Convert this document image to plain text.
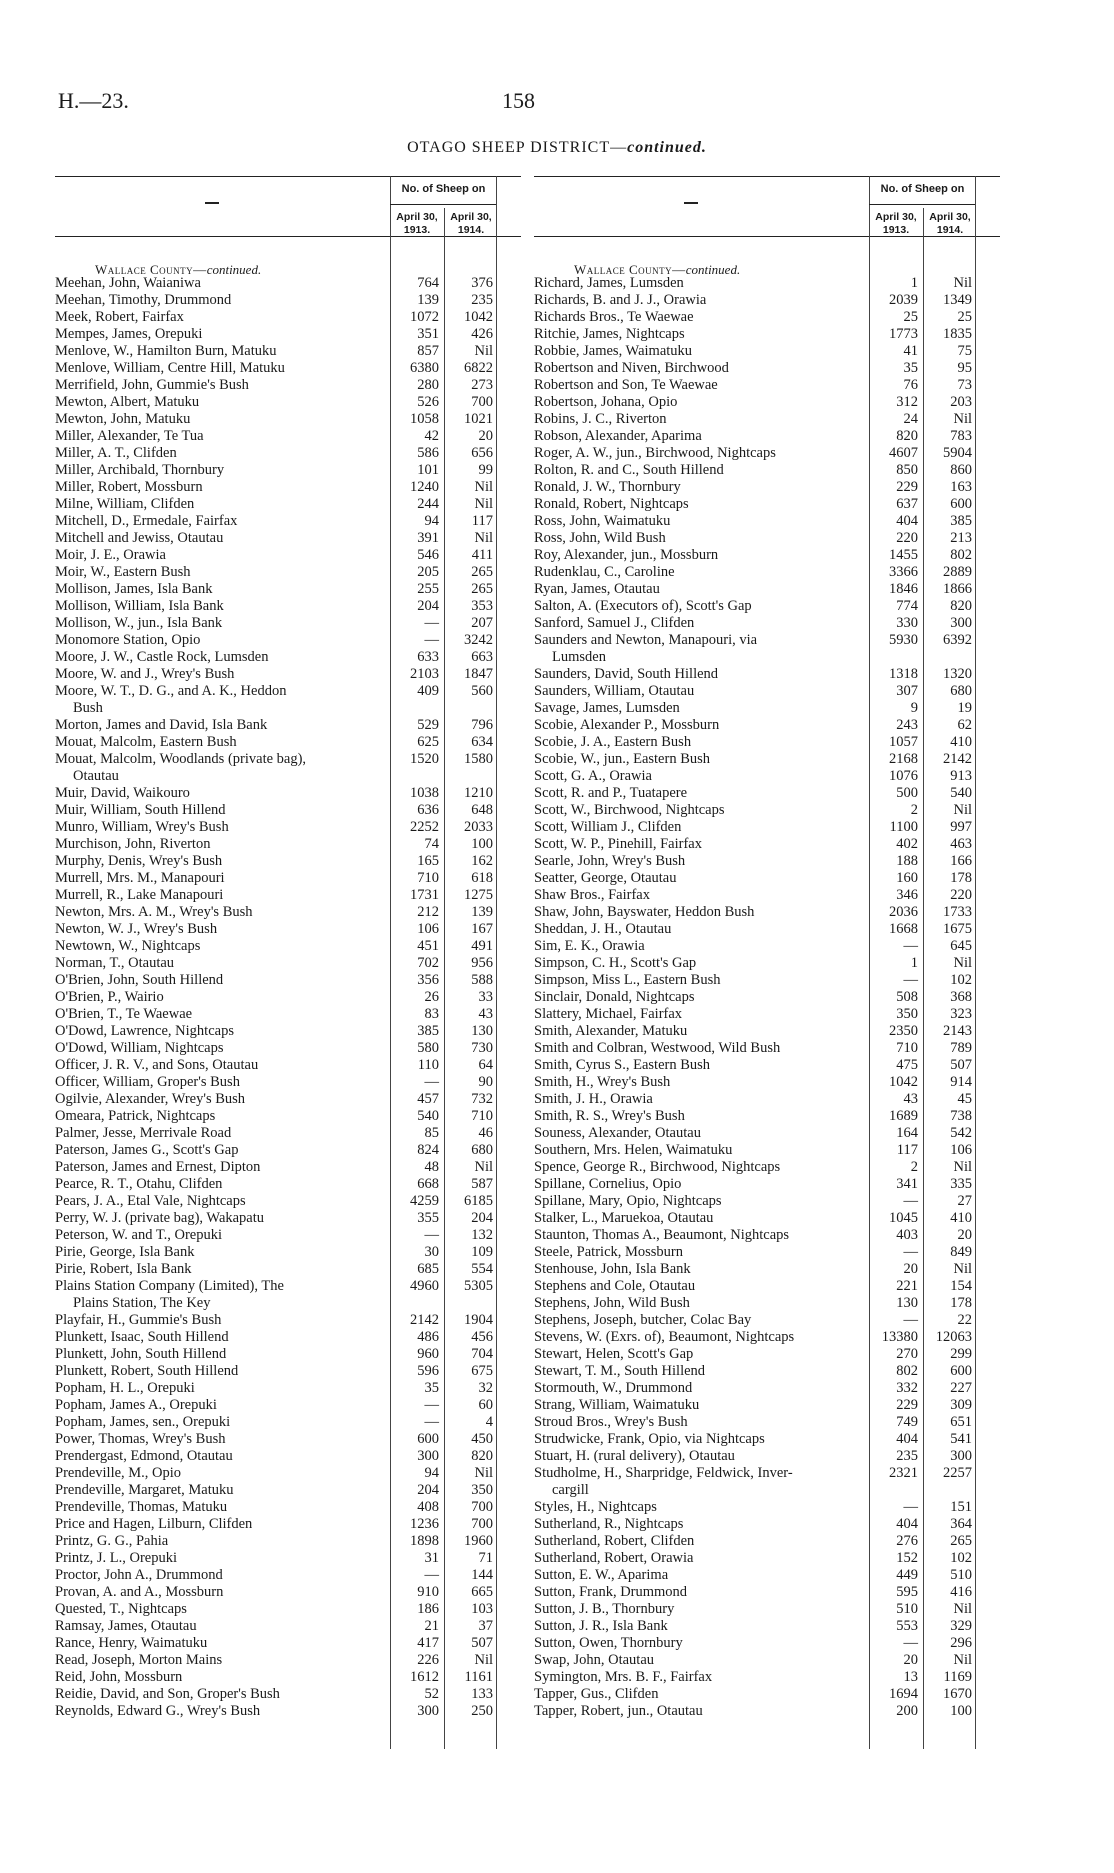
H.—23.	158
OTAGO SHEEP DISTRICT—continued.
No. of Sheep on
April 30, 1913.
April 30, 1914.
Wallace County—continued.
Meehan, John, Waianiwa	764	376
Meehan, Timothy, Drummond	139	235
Meek, Robert, Fairfax	1072	1042
Mempes, James, Orepuki	351	426
Menlove, W., Hamilton Burn, Matuku	857	Nil
Menlove, William, Centre Hill, Matuku	6380	6822
Merrifield, John, Gummie's Bush	280	273
Mewton, Albert, Matuku	526	700
Mewton, John, Matuku	1058	1021
Miller, Alexander, Te Tua	42	20
Miller, A. T., Clifden	586	656
Miller, Archibald, Thornbury	101	99
Miller, Robert, Mossburn	1240	Nil
Milne, William, Clifden	244	Nil
Mitchell, D., Ermedale, Fairfax	94	117
Mitchell and Jewiss, Otautau	391	Nil
Moir, J. E., Orawia	546	411
Moir, W., Eastern Bush	205	265
Mollison, James, Isla Bank	255	265
Mollison, William, Isla Bank	204	353
Mollison, W., jun., Isla Bank	—	207
Monomore Station, Opio	—	3242
Moore, J. W., Castle Rock, Lumsden	633	663
Moore, W. and J., Wrey's Bush	2103	1847
Moore, W. T., D. G., and A. K., Heddon
Bush
409	560
Morton, James and David, Isla Bank	529	796
Mouat, Malcolm, Eastern Bush	625	634
Mouat, Malcolm, Woodlands (private bag),
Otautau
1520	1580
Muir, David, Waikouro	1038	1210
Muir, William, South Hillend	636	648
Munro, William, Wrey's Bush	2252	2033
Murchison, John, Riverton	74	100
Murphy, Denis, Wrey's Bush	165	162
Murrell, Mrs. M., Manapouri	710	618
Murrell, R., Lake Manapouri	1731	1275
Newton, Mrs. A. M., Wrey's Bush	212	139
Newton, W. J., Wrey's Bush	106	167
Newtown, W., Nightcaps	451	491
Norman, T., Otautau	702	956
O'Brien, John, South Hillend	356	588
O'Brien, P., Wairio	26	33
O'Brien, T., Te Waewae	83	43
O'Dowd, Lawrence, Nightcaps	385	130
O'Dowd, William, Nightcaps	580	730
Officer, J. R. V., and Sons, Otautau	110	64
Officer, William, Groper's Bush	—	90
Ogilvie, Alexander, Wrey's Bush	457	732
Omeara, Patrick, Nightcaps	540	710
Palmer, Jesse, Merrivale Road	85	46
Paterson, James G., Scott's Gap	824	680
Paterson, James and Ernest, Dipton	48	Nil
Pearce, R. T., Otahu, Clifden	668	587
Pears, J. A., Etal Vale, Nightcaps	4259	6185
Perry, W. J. (private bag), Wakapatu	355	204
Peterson, W. and T., Orepuki	—	132
Pirie, George, Isla Bank	30	109
Pirie, Robert, Isla Bank	685	554
Plains Station Company (Limited), The
Plains Station, The Key
4960	5305
Playfair, H., Gummie's Bush	2142	1904
Plunkett, Isaac, South Hillend	486	456
Plunkett, John, South Hillend	960	704
Plunkett, Robert, South Hillend	596	675
Popham, H. L., Orepuki	35	32
Popham, James A., Orepuki	—	60
Popham, James, sen., Orepuki	—	4
Power, Thomas, Wrey's Bush	600	450
Prendergast, Edmond, Otautau	300	820
Prendeville, M., Opio	94	Nil
Prendeville, Margaret, Matuku	204	350
Prendeville, Thomas, Matuku	408	700
Price and Hagen, Lilburn, Clifden	1236	700
Printz, G. G., Pahia	1898	1960
Printz, J. L., Orepuki	31	71
Proctor, John A., Drummond	—	144
Provan, A. and A., Mossburn	910	665
Quested, T., Nightcaps	186	103
Ramsay, James, Otautau	21	37
Rance, Henry, Waimatuku	417	507
Read, Joseph, Morton Mains	226	Nil
Reid, John, Mossburn	1612	1161
Reidie, David, and Son, Groper's Bush	52	133
Reynolds, Edward G., Wrey's Bush	300	250
No. of Sheep on
April 30, 1913.
April 30, 1914.
Wallace County—continued.
Richard, James, Lumsden	1	Nil
Richards, B. and J. J., Orawia	2039	1349
Richards Bros., Te Waewae	25	25
Ritchie, James, Nightcaps	1773	1835
Robbie, James, Waimatuku	41	75
Robertson and Niven, Birchwood	35	95
Robertson and Son, Te Waewae	76	73
Robertson, Johana, Opio	312	203
Robins, J. C., Riverton	24	Nil
Robson, Alexander, Aparima	820	783
Roger, A. W., jun., Birchwood, Nightcaps	4607	5904
Rolton, R. and C., South Hillend	850	860
Ronald, J. W., Thornbury	229	163
Ronald, Robert, Nightcaps	637	600
Ross, John, Waimatuku	404	385
Ross, John, Wild Bush	220	213
Roy, Alexander, jun., Mossburn	1455	802
Rudenklau, C., Caroline	3366	2889
Ryan, James, Otautau	1846	1866
Salton, A. (Executors of), Scott's Gap	774	820
Sanford, Samuel J., Clifden	330	300
Saunders and Newton, Manapouri, via
Lumsden
5930	6392
Saunders, David, South Hillend	1318	1320
Saunders, William, Otautau	307	680
Savage, James, Lumsden	9	19
Scobie, Alexander P., Mossburn	243	62
Scobie, J. A., Eastern Bush	1057	410
Scobie, W., jun., Eastern Bush	2168	2142
Scott, G. A., Orawia	1076	913
Scott, R. and P., Tuatapere	500	540
Scott, W., Birchwood, Nightcaps	2	Nil
Scott, William J., Clifden	1100	997
Scott, W. P., Pinehill, Fairfax	402	463
Searle, John, Wrey's Bush	188	166
Seatter, George, Otautau	160	178
Shaw Bros., Fairfax	346	220
Shaw, John, Bayswater, Heddon Bush	2036	1733
Sheddan, J. H., Otautau	1668	1675
Sim, E. K., Orawia	—	645
Simpson, C. H., Scott's Gap	1	Nil
Simpson, Miss L., Eastern Bush	—	102
Sinclair, Donald, Nightcaps	508	368
Slattery, Michael, Fairfax	350	323
Smith, Alexander, Matuku	2350	2143
Smith and Colbran, Westwood, Wild Bush	710	789
Smith, Cyrus S., Eastern Bush	475	507
Smith, H., Wrey's Bush	1042	914
Smith, J. H., Orawia	43	45
Smith, R. S., Wrey's Bush	1689	738
Souness, Alexander, Otautau	164	542
Southern, Mrs. Helen, Waimatuku	117	106
Spence, George R., Birchwood, Nightcaps	2	Nil
Spillane, Cornelius, Opio	341	335
Spillane, Mary, Opio, Nightcaps	—	27
Stalker, L., Maruekoa, Otautau	1045	410
Staunton, Thomas A., Beaumont, Nightcaps	403	20
Steele, Patrick, Mossburn	—	849
Stenhouse, John, Isla Bank	20	Nil
Stephens and Cole, Otautau	221	154
Stephens, John, Wild Bush	130	178
Stephens, Joseph, butcher, Colac Bay	—	22
Stevens, W. (Exrs. of), Beaumont, Nightcaps	13380	12063
Stewart, Helen, Scott's Gap	270	299
Stewart, T. M., South Hillend	802	600
Stormouth, W., Drummond	332	227
Strang, William, Waimatuku	229	309
Stroud Bros., Wrey's Bush	749	651
Strudwicke, Frank, Opio, via Nightcaps	404	541
Stuart, H. (rural delivery), Otautau	235	300
Studholme, H., Sharpridge, Feldwick, Inver-
cargill
2321	2257
Styles, H., Nightcaps	—	151
Sutherland, R., Nightcaps	404	364
Sutherland, Robert, Clifden	276	265
Sutherland, Robert, Orawia	152	102
Sutton, E. W., Aparima	449	510
Sutton, Frank, Drummond	595	416
Sutton, J. B., Thornbury	510	Nil
Sutton, J. R., Isla Bank	553	329
Sutton, Owen, Thornbury	—	296
Swap, John, Otautau	20	Nil
Symington, Mrs. B. F., Fairfax	13	1169
Tapper, Gus., Clifden	1694	1670
Tapper, Robert, jun., Otautau	200	100
